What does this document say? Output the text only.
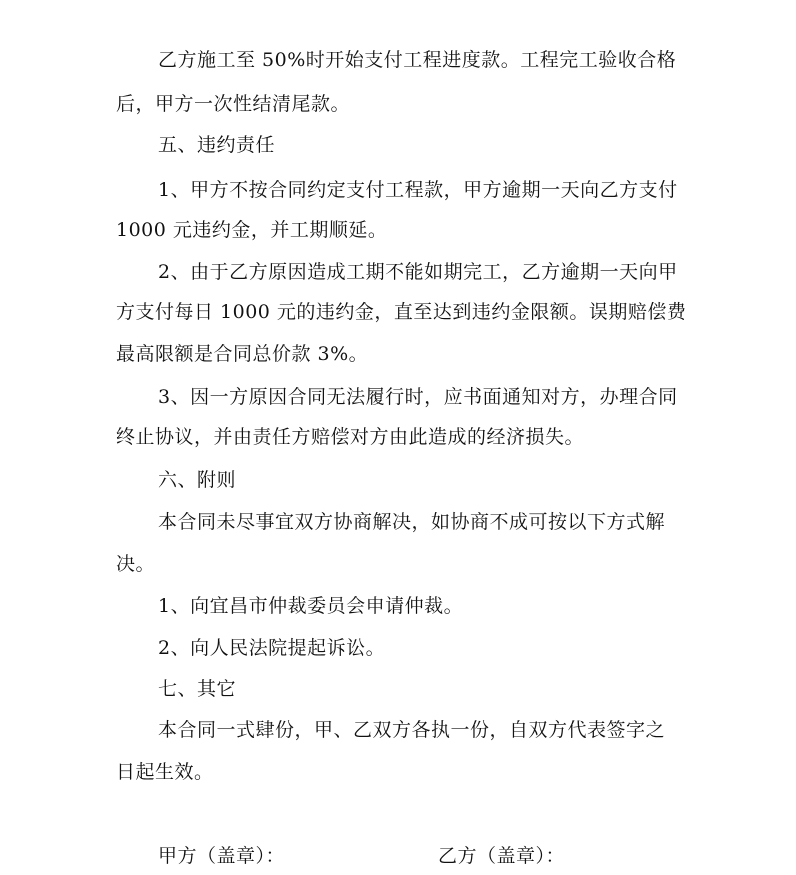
乙方施工至 50%时开始支付工程进度款。工程完工验收合格
后，甲方一次性结清尾款。
五、违约责任
1、甲方不按合同约定支付工程款，甲方逾期一天向乙方支付
1000 元违约金，并工期顺延。
2、由于乙方原因造成工期不能如期完工，乙方逾期一天向甲
方支付每日 1000 元的违约金，直至达到违约金限额。误期赔偿费
最高限额是合同总价款 3%。
3、因一方原因合同无法履行时，应书面通知对方，办理合同
终止协议，并由责任方赔偿对方由此造成的经济损失。
六、附则
本合同未尽事宜双方协商解决，如协商不成可按以下方式解
决。
1、向宜昌市仲裁委员会申请仲裁。
2、向人民法院提起诉讼。
七、其它
本合同一式肆份，甲、乙双方各执一份，自双方代表签字之
日起生效。
甲方（盖章）：	乙方（盖章）：
